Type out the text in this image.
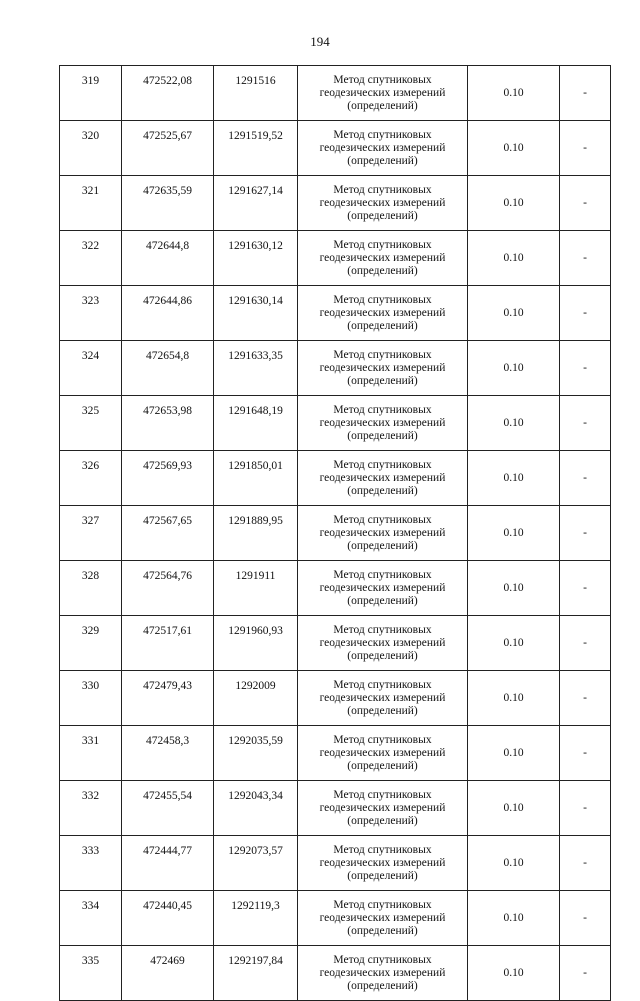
194
319	472522,08	1291516	Метод спутниковых
геодезических измерений
(определений)	0.10	-
320	472525,67	1291519,52	Метод спутниковых
геодезических измерений
(определений)	0.10	-
321	472635,59	1291627,14	Метод спутниковых
геодезических измерений
(определений)	0.10	-
322	472644,8	1291630,12	Метод спутниковых
геодезических измерений
(определений)	0.10	-
323	472644,86	1291630,14	Метод спутниковых
геодезических измерений
(определений)	0.10	-
324	472654,8	1291633,35	Метод спутниковых
геодезических измерений
(определений)	0.10	-
325	472653,98	1291648,19	Метод спутниковых
геодезических измерений
(определений)	0.10	-
326	472569,93	1291850,01	Метод спутниковых
геодезических измерений
(определений)	0.10	-
327	472567,65	1291889,95	Метод спутниковых
геодезических измерений
(определений)	0.10	-
328	472564,76	1291911	Метод спутниковых
геодезических измерений
(определений)	0.10	-
329	472517,61	1291960,93	Метод спутниковых
геодезических измерений
(определений)	0.10	-
330	472479,43	1292009	Метод спутниковых
геодезических измерений
(определений)	0.10	-
331	472458,3	1292035,59	Метод спутниковых
геодезических измерений
(определений)	0.10	-
332	472455,54	1292043,34	Метод спутниковых
геодезических измерений
(определений)	0.10	-
333	472444,77	1292073,57	Метод спутниковых
геодезических измерений
(определений)	0.10	-
334	472440,45	1292119,3	Метод спутниковых
геодезических измерений
(определений)	0.10	-
335	472469	1292197,84	Метод спутниковых
геодезических измерений
(определений)	0.10	-
